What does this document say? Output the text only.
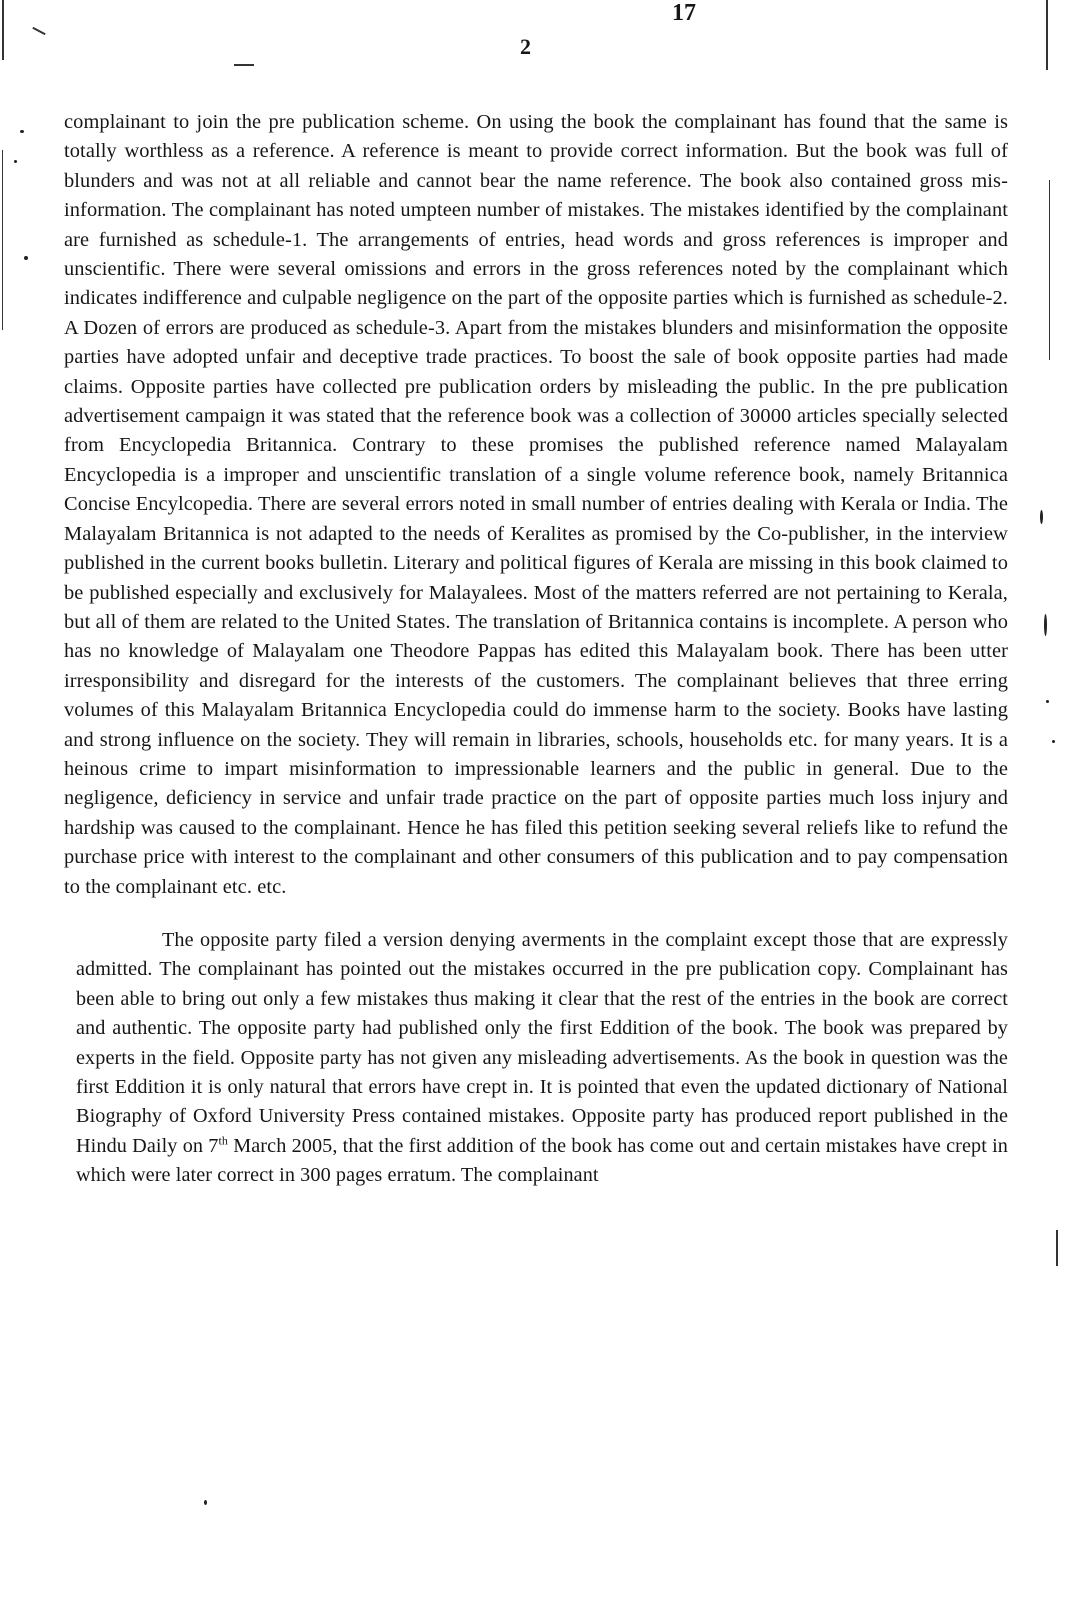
2
17

complainant to join the pre publication scheme. On using the book the complainant has found that the same is totally worthless as a reference. A reference is meant to provide correct information. But the book was full of blunders and was not at all reliable and cannot bear the name reference. The book also contained gross mis-information. The complainant has noted umpteen number of mistakes. The mistakes identified by the complainant are furnished as schedule-1. The arrangements of entries, head words and gross references is improper and unscientific. There were several omissions and errors in the gross references noted by the complainant which indicates indifference and culpable negligence on the part of the opposite parties which is furnished as schedule-2. A Dozen of errors are produced as schedule-3. Apart from the mistakes blunders and misinformation the opposite parties have adopted unfair and deceptive trade practices. To boost the sale of book opposite parties had made claims. Opposite parties have collected pre publication orders by misleading the public. In the pre publication advertisement campaign it was stated that the reference book was a collection of 30000 articles specially selected from Encyclopedia Britannica. Contrary to these promises the published reference named Malayalam Encyclopedia is a improper and unscientific translation of a single volume reference book, namely Britannica Concise Encylcopedia. There are several errors noted in small number of entries dealing with Kerala or India. The Malayalam Britannica is not adapted to the needs of Keralites as promised by the Co-publisher, in the interview published in the current books bulletin. Literary and political figures of Kerala are missing in this book claimed to be published especially and exclusively for Malayalees. Most of the matters referred are not pertaining to Kerala, but all of them are related to the United States. The translation of Britannica contains is incomplete. A person who has no knowledge of Malayalam one Theodore Pappas has edited this Malayalam book. There has been utter irresponsibility and disregard for the interests of the customers. The complainant believes that three erring volumes of this Malayalam Britannica Encyclopedia could do immense harm to the society. Books have lasting and strong influence on the society. They will remain in libraries, schools, households etc. for many years. It is a heinous crime to impart misinformation to impressionable learners and the public in general. Due to the negligence, deficiency in service and unfair trade practice on the part of opposite parties much loss injury and hardship was caused to the complainant. Hence he has filed this petition seeking several reliefs like to refund the purchase price with interest to the complainant and other consumers of this publication and to pay compensation to the complainant etc. etc.

The opposite party filed a version denying averments in the complaint except those that are expressly admitted. The complainant has pointed out the mistakes occurred in the pre publication copy. Complainant has been able to bring out only a few mistakes thus making it clear that the rest of the entries in the book are correct and authentic. The opposite party had published only the first Eddition of the book. The book was prepared by experts in the field. Opposite party has not given any misleading advertisements. As the book in question was the first Eddition it is only natural that errors have crept in. It is pointed that even the updated dictionary of National Biography of Oxford University Press contained mistakes. Opposite party has produced report published in the Hindu Daily on 7th March 2005, that the first addition of the book has come out and certain mistakes have crept in which were later correct in 300 pages erratum. The complainant
